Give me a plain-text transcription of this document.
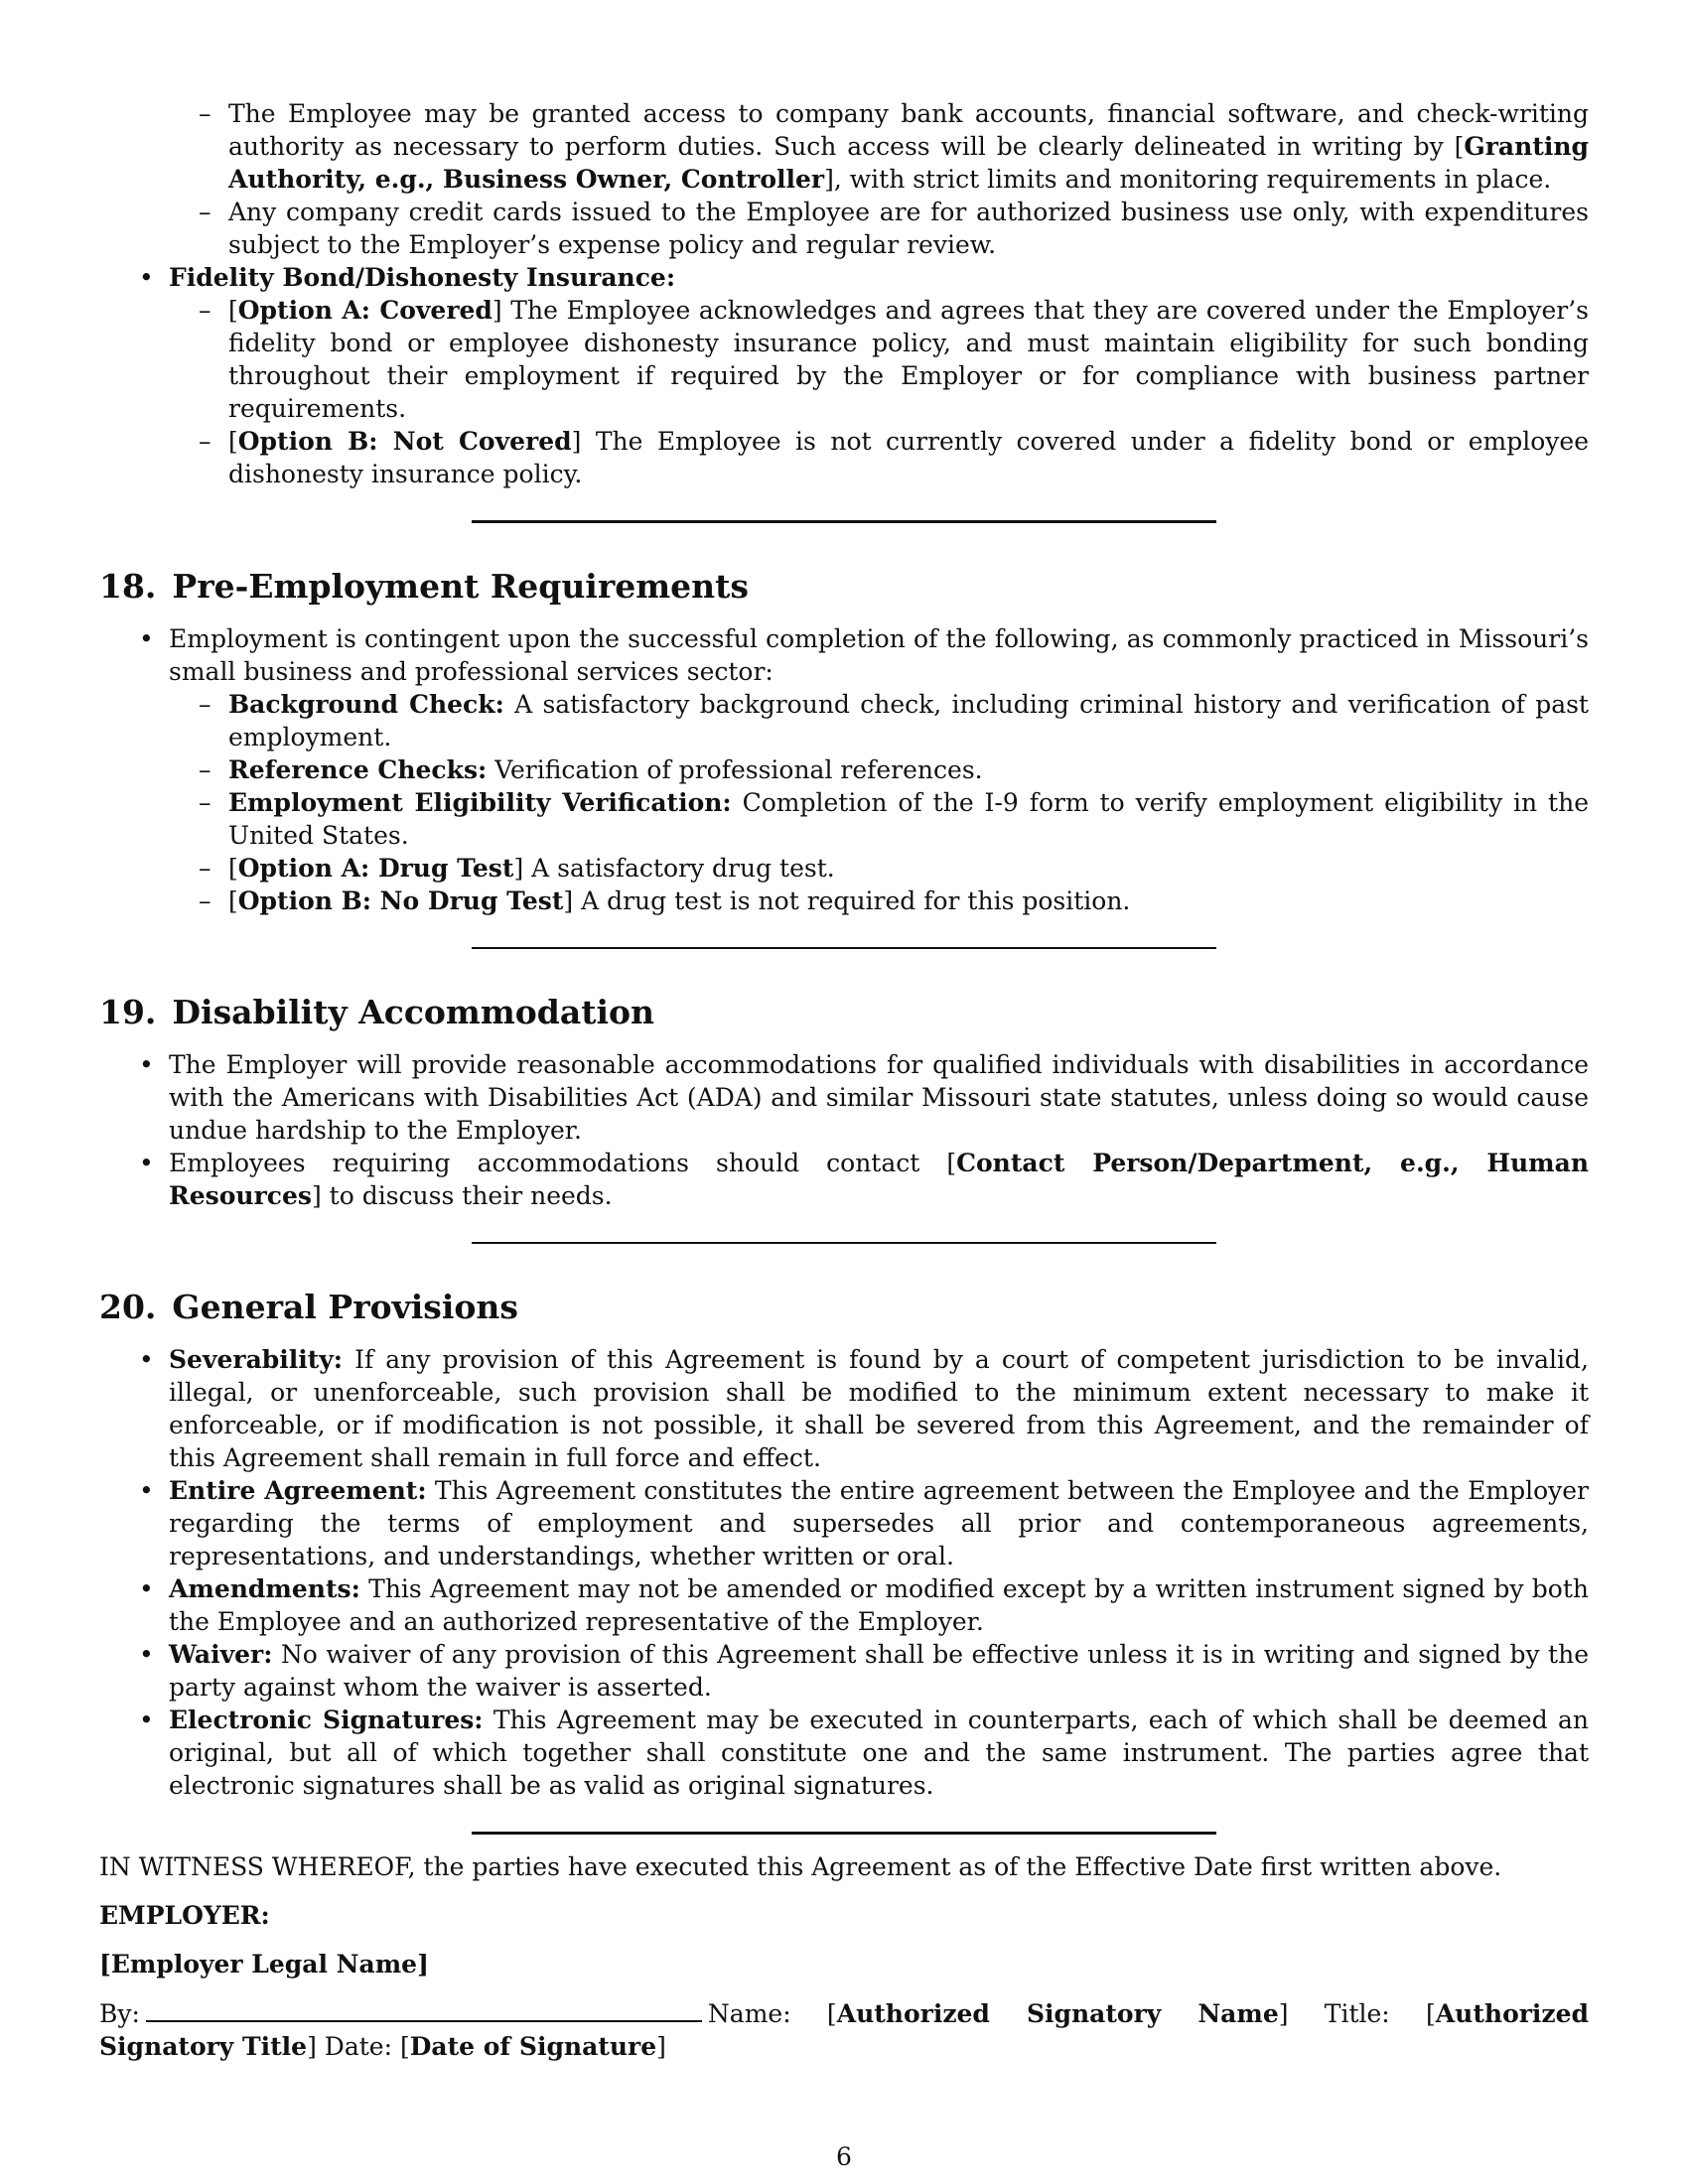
– The Employee may be granted access to company bank accounts, financial software, and check-writing authority as necessary to perform duties. Such access will be clearly delineated in writing by [Granting Authority, e.g., Business Owner, Controller], with strict limits and monitoring requirements in place.
– Any company credit cards issued to the Employee are for authorized business use only, with expenditures subject to the Employer’s expense policy and regular review.
• Fidelity Bond/Dishonesty Insurance:
– [Option A: Covered] The Employee acknowledges and agrees that they are covered under the Employer’s fidelity bond or employee dishonesty insurance policy, and must maintain eligibility for such bonding throughout their employment if required by the Employer or for compliance with business partner requirements.
– [Option B: Not Covered] The Employee is not currently covered under a fidelity bond or employee dishonesty insurance policy.
18. Pre-Employment Requirements
• Employment is contingent upon the successful completion of the following, as commonly practiced in Missouri’s small business and professional services sector:
– Background Check: A satisfactory background check, including criminal history and verification of past employment.
– Reference Checks: Verification of professional references.
– Employment Eligibility Verification: Completion of the I-9 form to verify employment eligibility in the United States.
– [Option A: Drug Test] A satisfactory drug test.
– [Option B: No Drug Test] A drug test is not required for this position.
19. Disability Accommodation
• The Employer will provide reasonable accommodations for qualified individuals with disabilities in accordance with the Americans with Disabilities Act (ADA) and similar Missouri state statutes, unless doing so would cause undue hardship to the Employer.
• Employees requiring accommodations should contact [Contact Person/Department, e.g., Human Resources] to discuss their needs.
20. General Provisions
• Severability: If any provision of this Agreement is found by a court of competent jurisdiction to be invalid, illegal, or unenforceable, such provision shall be modified to the minimum extent necessary to make it enforceable, or if modification is not possible, it shall be severed from this Agreement, and the remainder of this Agreement shall remain in full force and effect.
• Entire Agreement: This Agreement constitutes the entire agreement between the Employee and the Employer regarding the terms of employment and supersedes all prior and contemporaneous agreements, representations, and understandings, whether written or oral.
• Amendments: This Agreement may not be amended or modified except by a written instrument signed by both the Employee and an authorized representative of the Employer.
• Waiver: No waiver of any provision of this Agreement shall be effective unless it is in writing and signed by the party against whom the waiver is asserted.
• Electronic Signatures: This Agreement may be executed in counterparts, each of which shall be deemed an original, but all of which together shall constitute one and the same instrument. The parties agree that electronic signatures shall be as valid as original signatures.

IN WITNESS WHEREOF, the parties have executed this Agreement as of the Effective Date first written above.

EMPLOYER:

[Employer Legal Name]

By:	Name: [Authorized Signatory Name] Title: [Authorized Signatory Title] Date: [Date of Signature]

6
